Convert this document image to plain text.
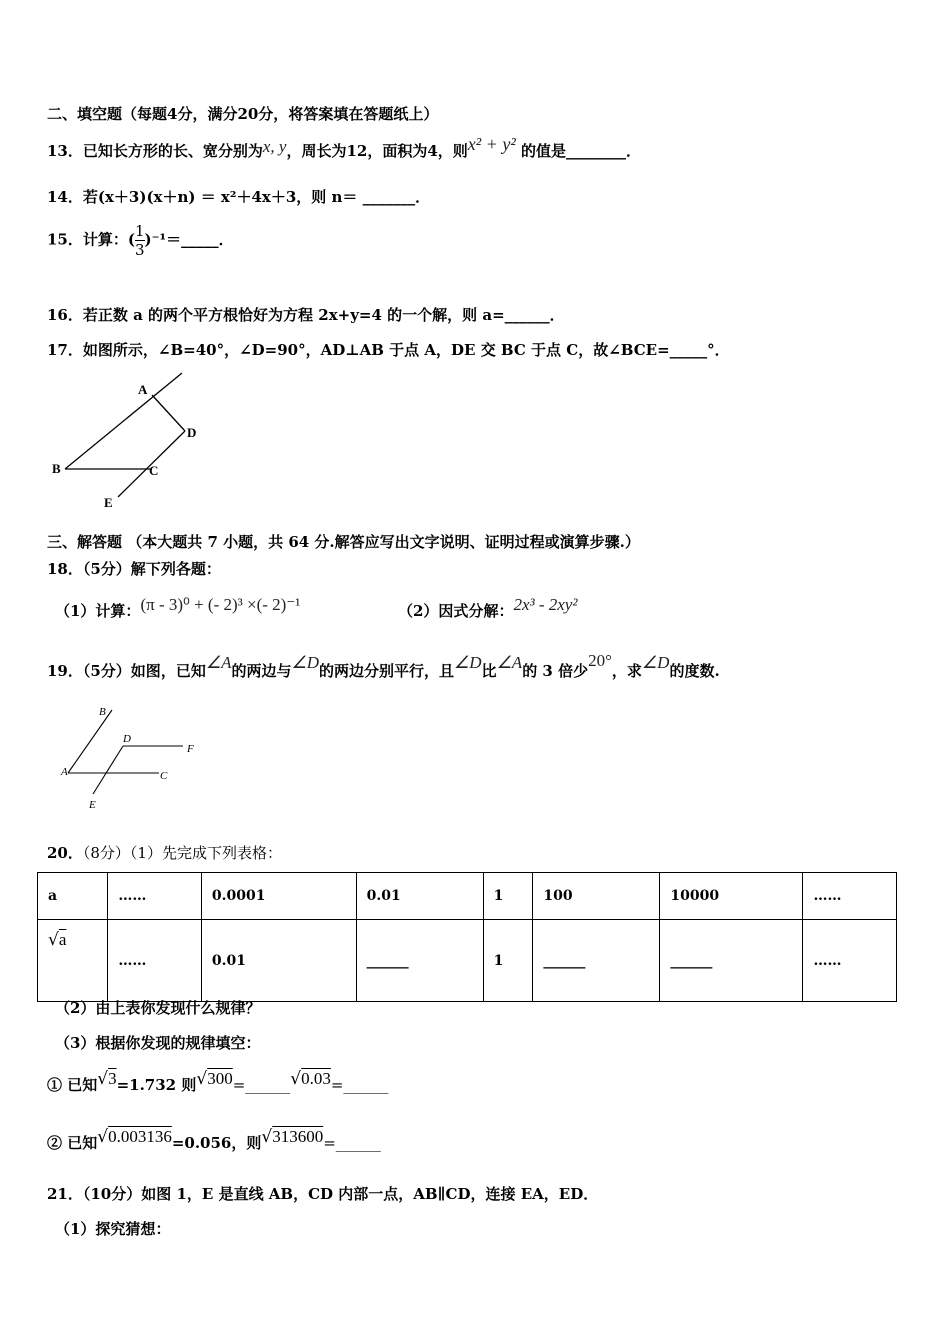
二、填空题（每题4分，满分20分，将答案填在答题纸上）
13．已知长方形的长、宽分别为x, y，周长为12，面积为4，则x² + y² 的值是________．
14．若(x＋3)(x＋n) ＝ x²＋4x＋3，则 n＝ _______．
15．计算：( $\frac{1}{3}$ )⁻¹＝_____．
16．若正数 a 的两个平方根恰好为方程 2x+y=4 的一个解，则 a=______．
17．如图所示，∠B=40°，∠D=90°，AD⊥AB 于点 A，DE 交 BC 于点 C，故∠BCE=_____°．
A
B	C
D
E
三、解答题 （本大题共 7 小题，共 64 分.解答应写出文字说明、证明过程或演算步骤.）
18．（5分）解下列各题：
（1）计算：(π - 3)⁰ + (- 2)³ ×(- 2)⁻¹	（2）因式分解：2x³ - 2xy²
19．（5分）如图，已知∠A的两边与∠D的两边分别平行，且∠D比∠A的 3 倍少20°，求∠D的度数.
B
D
F
A	C
E
20．（8分）（1）先完成下列表格：
a	……	0.0001	0.01	1	100	10000	……
√a	……	0.01	______	1	______	______	……
（2）由上表你发现什么规律？
（3）根据你发现的规律填空：
① 已知√3=1.732 则√300=______√0.03=______
② 已知√0.003136=0.056，则√313600=______
21．（10分）如图 1，E 是直线 AB，CD 内部一点，AB∥CD，连接 EA，ED．
（1）探究猜想：
